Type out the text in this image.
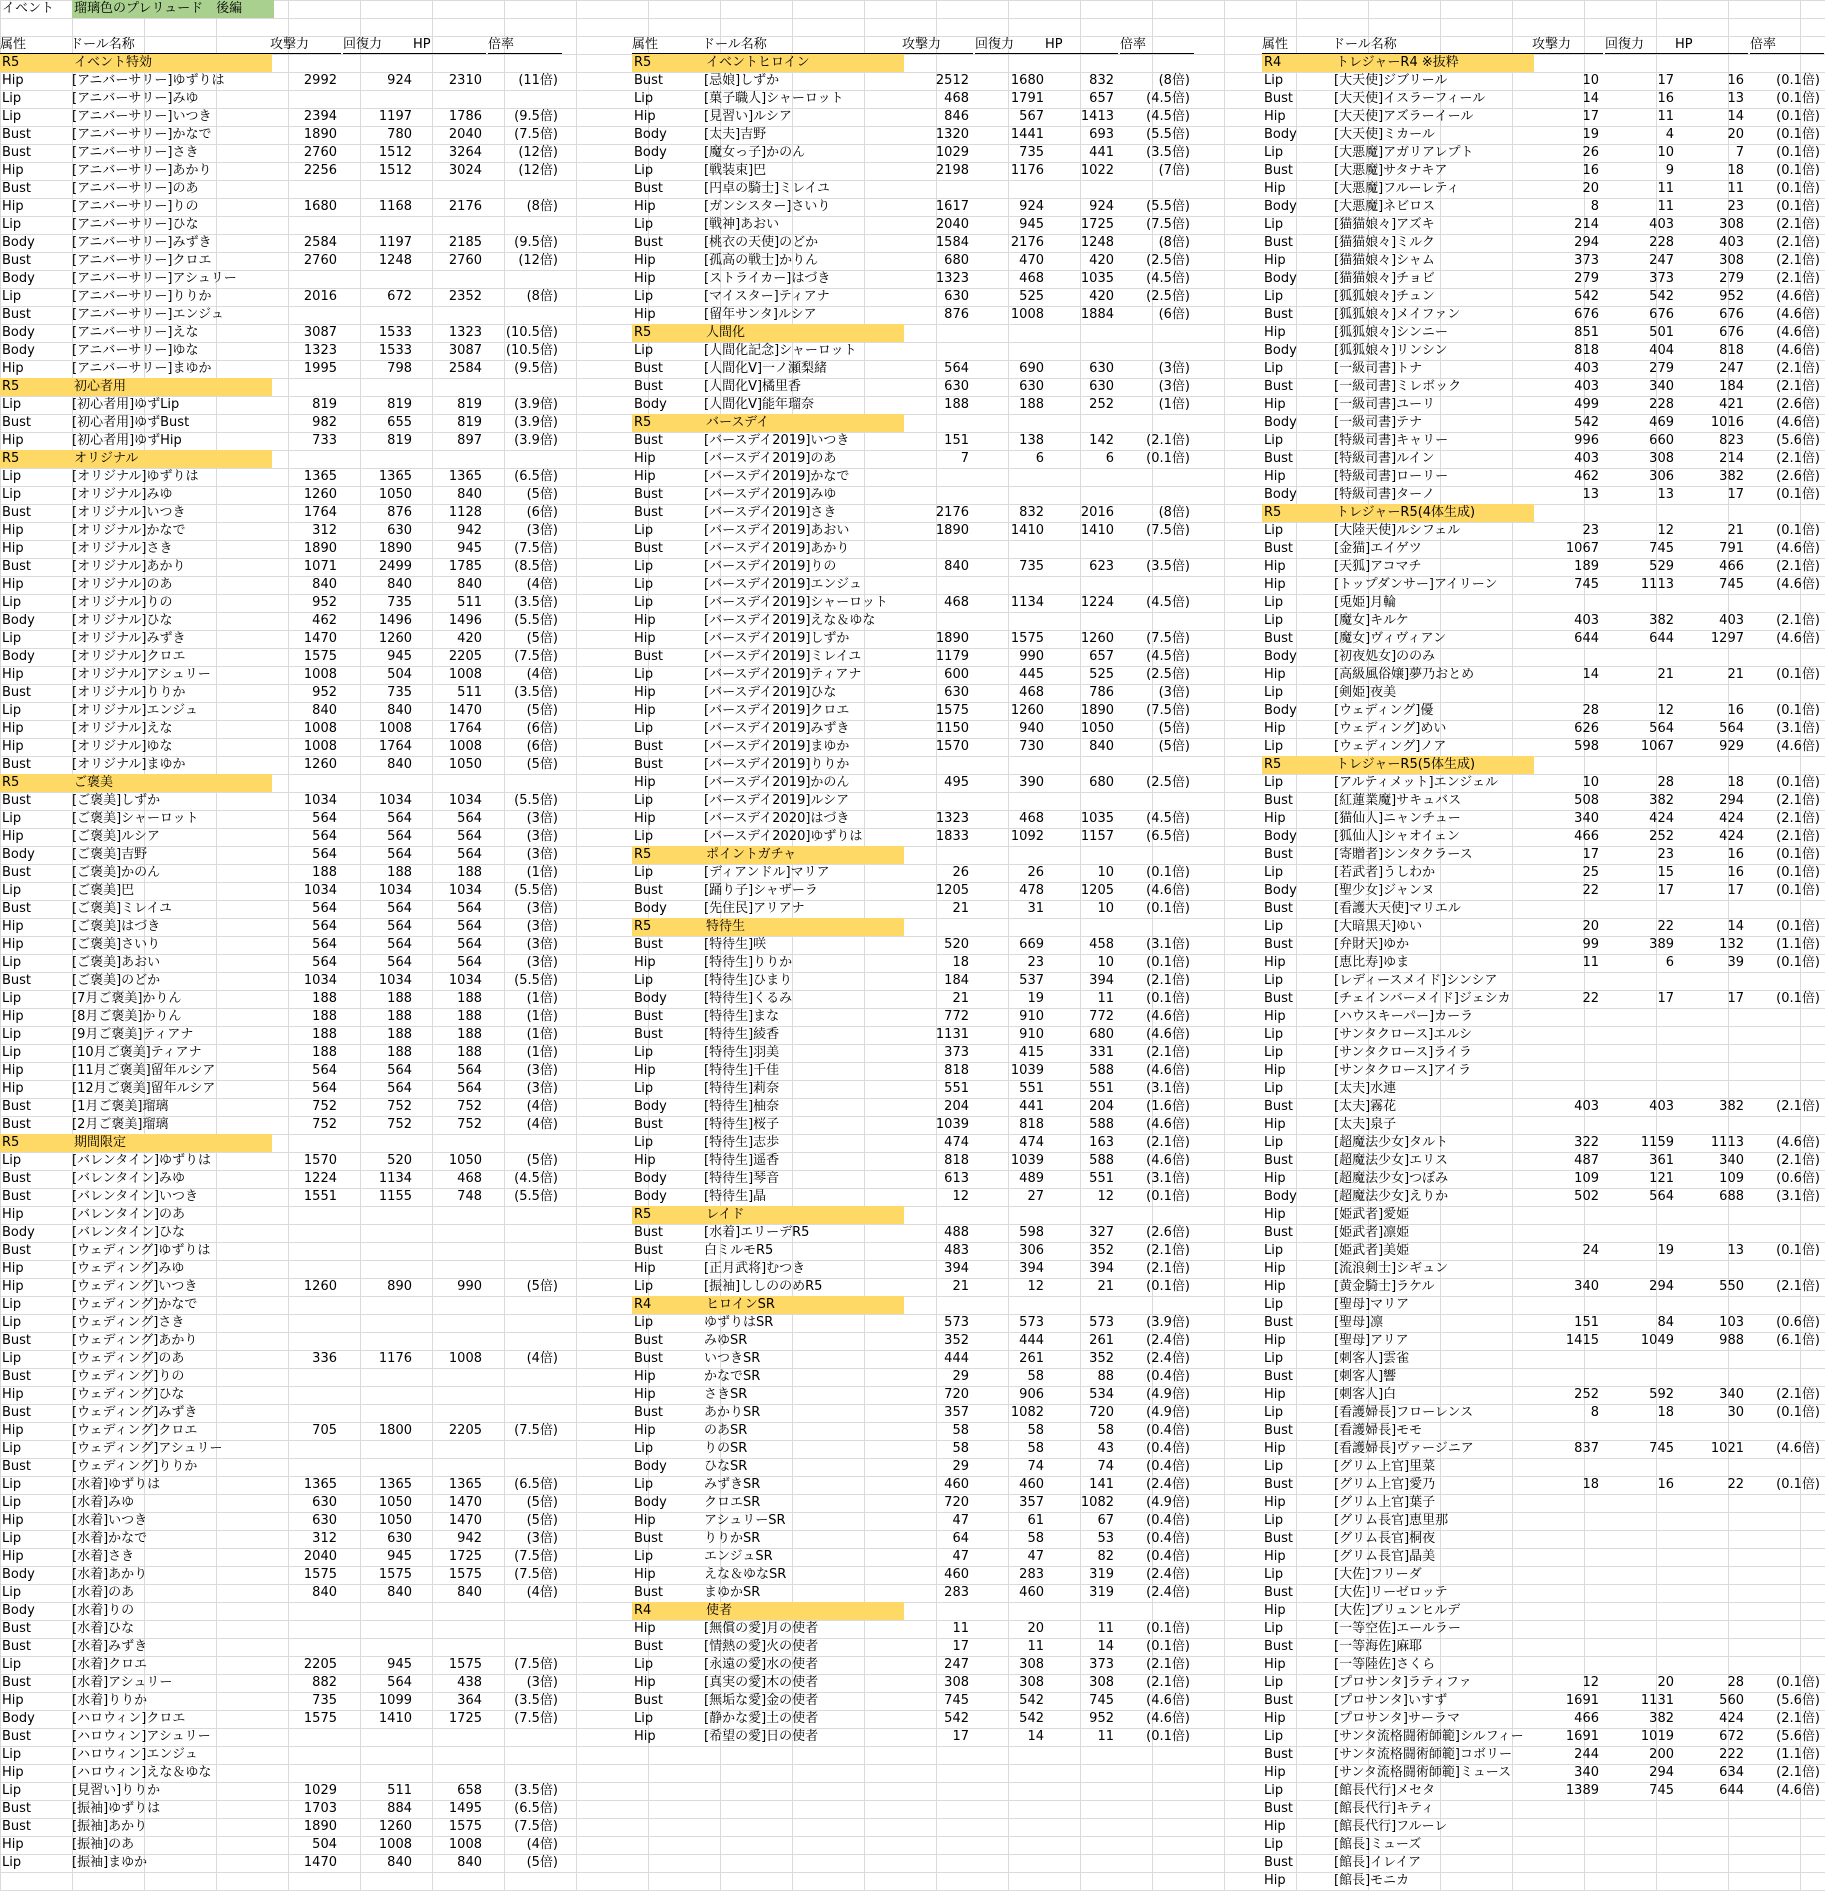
イベント	瑠璃色のプレリュード　後編
属性	ドール名称	攻撃力	回復力	HP	倍率
R5	イベント特効
Hip	[アニバーサリー]ゆずりは	2992	924	2310	(11倍)
Lip	[アニバーサリー]みゆ
Lip	[アニバーサリー]いつき	2394	1197	1786	(9.5倍)
Bust	[アニバーサリー]かなで	1890	780	2040	(7.5倍)
Bust	[アニバーサリー]さき	2760	1512	3264	(12倍)
Hip	[アニバーサリー]あかり	2256	1512	3024	(12倍)
Bust	[アニバーサリー]のあ
Hip	[アニバーサリー]りの	1680	1168	2176	(8倍)
Lip	[アニバーサリー]ひな
Body	[アニバーサリー]みずき	2584	1197	2185	(9.5倍)
Bust	[アニバーサリー]クロエ	2760	1248	2760	(12倍)
Body	[アニバーサリー]アシュリー
Lip	[アニバーサリー]りりか	2016	672	2352	(8倍)
Bust	[アニバーサリー]エンジュ
Body	[アニバーサリー]えな	3087	1533	1323	(10.5倍)
Body	[アニバーサリー]ゆな	1323	1533	3087	(10.5倍)
Hip	[アニバーサリー]まゆか	1995	798	2584	(9.5倍)
R5	初心者用
Lip	[初心者用]ゆずLip	819	819	819	(3.9倍)
Bust	[初心者用]ゆずBust	982	655	819	(3.9倍)
Hip	[初心者用]ゆずHip	733	819	897	(3.9倍)
R5	オリジナル
Lip	[オリジナル]ゆずりは	1365	1365	1365	(6.5倍)
Lip	[オリジナル]みゆ	1260	1050	840	(5倍)
Bust	[オリジナル]いつき	1764	876	1128	(6倍)
Hip	[オリジナル]かなで	312	630	942	(3倍)
Hip	[オリジナル]さき	1890	1890	945	(7.5倍)
Bust	[オリジナル]あかり	1071	2499	1785	(8.5倍)
Hip	[オリジナル]のあ	840	840	840	(4倍)
Lip	[オリジナル]りの	952	735	511	(3.5倍)
Body	[オリジナル]ひな	462	1496	1496	(5.5倍)
Lip	[オリジナル]みずき	1470	1260	420	(5倍)
Body	[オリジナル]クロエ	1575	945	2205	(7.5倍)
Hip	[オリジナル]アシュリー	1008	504	1008	(4倍)
Bust	[オリジナル]りりか	952	735	511	(3.5倍)
Lip	[オリジナル]エンジュ	840	840	1470	(5倍)
Hip	[オリジナル]えな	1008	1008	1764	(6倍)
Hip	[オリジナル]ゆな	1008	1764	1008	(6倍)
Bust	[オリジナル]まゆか	1260	840	1050	(5倍)
R5	ご褒美
Bust	[ご褒美]しずか	1034	1034	1034	(5.5倍)
Lip	[ご褒美]シャーロット	564	564	564	(3倍)
Hip	[ご褒美]ルシア	564	564	564	(3倍)
Body	[ご褒美]吉野	564	564	564	(3倍)
Bust	[ご褒美]かのん	188	188	188	(1倍)
Lip	[ご褒美]巴	1034	1034	1034	(5.5倍)
Bust	[ご褒美]ミレイユ	564	564	564	(3倍)
Hip	[ご褒美]はづき	564	564	564	(3倍)
Hip	[ご褒美]さいり	564	564	564	(3倍)
Lip	[ご褒美]あおい	564	564	564	(3倍)
Bust	[ご褒美]のどか	1034	1034	1034	(5.5倍)
Lip	[7月ご褒美]かりん	188	188	188	(1倍)
Hip	[8月ご褒美]かりん	188	188	188	(1倍)
Lip	[9月ご褒美]ティアナ	188	188	188	(1倍)
Lip	[10月ご褒美]ティアナ	188	188	188	(1倍)
Hip	[11月ご褒美]留年ルシア	564	564	564	(3倍)
Hip	[12月ご褒美]留年ルシア	564	564	564	(3倍)
Bust	[1月ご褒美]瑠璃	752	752	752	(4倍)
Bust	[2月ご褒美]瑠璃	752	752	752	(4倍)
R5	期間限定
Lip	[バレンタイン]ゆずりは	1570	520	1050	(5倍)
Bust	[バレンタイン]みゆ	1224	1134	468	(4.5倍)
Bust	[バレンタイン]いつき	1551	1155	748	(5.5倍)
Hip	[バレンタイン]のあ
Body	[バレンタイン]ひな
Bust	[ウェディング]ゆずりは
Hip	[ウェディング]みゆ
Hip	[ウェディング]いつき	1260	890	990	(5倍)
Lip	[ウェディング]かなで
Lip	[ウェディング]さき
Bust	[ウェディング]あかり
Lip	[ウェディング]のあ	336	1176	1008	(4倍)
Bust	[ウェディング]りの
Hip	[ウェディング]ひな
Bust	[ウェディング]みずき
Hip	[ウェディング]クロエ	705	1800	2205	(7.5倍)
Lip	[ウェディング]アシュリー
Bust	[ウェディング]りりか
Lip	[水着]ゆずりは	1365	1365	1365	(6.5倍)
Lip	[水着]みゆ	630	1050	1470	(5倍)
Hip	[水着]いつき	630	1050	1470	(5倍)
Lip	[水着]かなで	312	630	942	(3倍)
Hip	[水着]さき	2040	945	1725	(7.5倍)
Body	[水着]あかり	1575	1575	1575	(7.5倍)
Lip	[水着]のあ	840	840	840	(4倍)
Body	[水着]りの
Bust	[水着]ひな
Bust	[水着]みずき
Lip	[水着]クロエ	2205	945	1575	(7.5倍)
Bust	[水着]アシュリー	882	564	438	(3倍)
Hip	[水着]りりか	735	1099	364	(3.5倍)
Body	[ハロウィン]クロエ	1575	1410	1725	(7.5倍)
Bust	[ハロウィン]アシュリー
Lip	[ハロウィン]エンジュ
Hip	[ハロウィン]えな＆ゆな
Lip	[見習い]りりか	1029	511	658	(3.5倍)
Bust	[振袖]ゆずりは	1703	884	1495	(6.5倍)
Bust	[振袖]あかり	1890	1260	1575	(7.5倍)
Hip	[振袖]のあ	504	1008	1008	(4倍)
Lip	[振袖]まゆか	1470	840	840	(5倍)
属性	ドール名称	攻撃力	回復力	HP	倍率
R5	イベントヒロイン
Bust	[忌娘]しずか	2512	1680	832	(8倍)
Lip	[菓子職人]シャーロット	468	1791	657	(4.5倍)
Hip	[見習い]ルシア	846	567	1413	(4.5倍)
Body	[太夫]吉野	1320	1441	693	(5.5倍)
Body	[魔女っ子]かのん	1029	735	441	(3.5倍)
Lip	[戦装束]巴	2198	1176	1022	(7倍)
Bust	[円卓の騎士]ミレイユ
Hip	[ガンシスター]さいり	1617	924	924	(5.5倍)
Lip	[戦神]あおい	2040	945	1725	(7.5倍)
Bust	[桃衣の天使]のどか	1584	2176	1248	(8倍)
Hip	[孤高の戦士]かりん	680	470	420	(2.5倍)
Hip	[ストライカー]はづき	1323	468	1035	(4.5倍)
Lip	[マイスター]ティアナ	630	525	420	(2.5倍)
Hip	[留年サンタ]ルシア	876	1008	1884	(6倍)
R5	人間化
Lip	[人間化記念]シャーロット
Bust	[人間化V]一ノ瀬梨緒	564	690	630	(3倍)
Bust	[人間化V]橘里香	630	630	630	(3倍)
Body	[人間化V]能年瑠奈	188	188	252	(1倍)
R5	バースデイ
Bust	[バースデイ2019]いつき	151	138	142	(2.1倍)
Hip	[バースデイ2019]のあ	7	6	6	(0.1倍)
Hip	[バースデイ2019]かなで
Bust	[バースデイ2019]みゆ
Bust	[バースデイ2019]さき	2176	832	2016	(8倍)
Lip	[バースデイ2019]あおい	1890	1410	1410	(7.5倍)
Bust	[バースデイ2019]あかり
Lip	[バースデイ2019]りの	840	735	623	(3.5倍)
Lip	[バースデイ2019]エンジュ
Lip	[バースデイ2019]シャーロット	468	1134	1224	(4.5倍)
Hip	[バースデイ2019]えな＆ゆな
Hip	[バースデイ2019]しずか	1890	1575	1260	(7.5倍)
Bust	[バースデイ2019]ミレイユ	1179	990	657	(4.5倍)
Lip	[バースデイ2019]ティアナ	600	445	525	(2.5倍)
Hip	[バースデイ2019]ひな	630	468	786	(3倍)
Hip	[バースデイ2019]クロエ	1575	1260	1890	(7.5倍)
Lip	[バースデイ2019]みずき	1150	940	1050	(5倍)
Bust	[バースデイ2019]まゆか	1570	730	840	(5倍)
Bust	[バースデイ2019]りりか
Hip	[バースデイ2019]かのん	495	390	680	(2.5倍)
Lip	[バースデイ2019]ルシア
Hip	[バースデイ2020]はづき	1323	468	1035	(4.5倍)
Lip	[バースデイ2020]ゆずりは	1833	1092	1157	(6.5倍)
R5	ポイントガチャ
Lip	[ディアンドル]マリア	26	26	10	(0.1倍)
Bust	[踊り子]シャザーラ	1205	478	1205	(4.6倍)
Body	[先住民]アリアナ	21	31	10	(0.1倍)
R5	特待生
Bust	[特待生]咲	520	669	458	(3.1倍)
Hip	[特待生]りりか	18	23	10	(0.1倍)
Lip	[特待生]ひまり	184	537	394	(2.1倍)
Body	[特待生]くるみ	21	19	11	(0.1倍)
Bust	[特待生]まな	772	910	772	(4.6倍)
Bust	[特待生]綾香	1131	910	680	(4.6倍)
Lip	[特待生]羽美	373	415	331	(2.1倍)
Hip	[特待生]千佳	818	1039	588	(4.6倍)
Lip	[特待生]莉奈	551	551	551	(3.1倍)
Body	[特待生]柚奈	204	441	204	(1.6倍)
Bust	[特待生]桜子	1039	818	588	(4.6倍)
Lip	[特待生]志歩	474	474	163	(2.1倍)
Hip	[特待生]遥香	818	1039	588	(4.6倍)
Body	[特待生]琴音	613	489	551	(3.1倍)
Body	[特待生]晶	12	27	12	(0.1倍)
R5	レイド
Bust	[水着]エリーデR5	488	598	327	(2.6倍)
Bust	白ミルモR5	483	306	352	(2.1倍)
Hip	[正月武将]むつき	394	394	394	(2.1倍)
Lip	[振袖]ししののめR5	21	12	21	(0.1倍)
R4	ヒロインSR
Lip	ゆずりはSR	573	573	573	(3.9倍)
Bust	みゆSR	352	444	261	(2.4倍)
Bust	いつきSR	444	261	352	(2.4倍)
Hip	かなでSR	29	58	88	(0.4倍)
Hip	さきSR	720	906	534	(4.9倍)
Bust	あかりSR	357	1082	720	(4.9倍)
Hip	のあSR	58	58	58	(0.4倍)
Lip	りのSR	58	58	43	(0.4倍)
Body	ひなSR	29	74	74	(0.4倍)
Lip	みずきSR	460	460	141	(2.4倍)
Body	クロエSR	720	357	1082	(4.9倍)
Hip	アシュリーSR	47	61	67	(0.4倍)
Bust	りりかSR	64	58	53	(0.4倍)
Lip	エンジュSR	47	47	82	(0.4倍)
Hip	えな＆ゆなSR	460	283	319	(2.4倍)
Bust	まゆかSR	283	460	319	(2.4倍)
R4	使者
Hip	[無償の愛]月の使者	11	20	11	(0.1倍)
Bust	[情熱の愛]火の使者	17	11	14	(0.1倍)
Lip	[永遠の愛]水の使者	247	308	373	(2.1倍)
Hip	[真実の愛]木の使者	308	308	308	(2.1倍)
Bust	[無垢な愛]金の使者	745	542	745	(4.6倍)
Lip	[静かな愛]土の使者	542	542	952	(4.6倍)
Hip	[希望の愛]日の使者	17	14	11	(0.1倍)
属性	ドール名称	攻撃力	回復力	HP	倍率
R4	トレジャーR4 ※抜粋
Lip	[大天使]ジブリール	10	17	16	(0.1倍)
Bust	[大天使]イスラーフィール	14	16	13	(0.1倍)
Hip	[大天使]アズラーイール	17	11	14	(0.1倍)
Body	[大天使]ミカール	19	4	20	(0.1倍)
Lip	[大悪魔]アガリアレプト	26	10	7	(0.1倍)
Bust	[大悪魔]サタナキア	16	9	18	(0.1倍)
Hip	[大悪魔]フルーレティ	20	11	11	(0.1倍)
Body	[大悪魔]ネビロス	8	11	23	(0.1倍)
Lip	[猫猫娘々]アズキ	214	403	308	(2.1倍)
Bust	[猫猫娘々]ミルク	294	228	403	(2.1倍)
Hip	[猫猫娘々]シャム	373	247	308	(2.1倍)
Body	[猫猫娘々]チョビ	279	373	279	(2.1倍)
Lip	[狐狐娘々]チュン	542	542	952	(4.6倍)
Bust	[狐狐娘々]メイファン	676	676	676	(4.6倍)
Hip	[狐狐娘々]シンニー	851	501	676	(4.6倍)
Body	[狐狐娘々]リンシン	818	404	818	(4.6倍)
Lip	[一級司書]トナ	403	279	247	(2.1倍)
Bust	[一級司書]ミレボック	403	340	184	(2.1倍)
Hip	[一級司書]ユーリ	499	228	421	(2.6倍)
Body	[一級司書]テナ	542	469	1016	(4.6倍)
Lip	[特級司書]キャリー	996	660	823	(5.6倍)
Bust	[特級司書]ルイン	403	308	214	(2.1倍)
Hip	[特級司書]ローリー	462	306	382	(2.6倍)
Body	[特級司書]ターノ	13	13	17	(0.1倍)
R5	トレジャーR5(4体生成)
Lip	[大陸天使]ルシフェル	23	12	21	(0.1倍)
Bust	[金猫]エイゲツ	1067	745	791	(4.6倍)
Hip	[天狐]アコマチ	189	529	466	(2.1倍)
Hip	[トップダンサー]アイリーン	745	1113	745	(4.6倍)
Lip	[兎姫]月輪
Lip	[魔女]キルケ	403	382	403	(2.1倍)
Bust	[魔女]ヴィヴィアン	644	644	1297	(4.6倍)
Body	[初夜処女]ののみ
Hip	[高級風俗嬢]夢乃おとめ	14	21	21	(0.1倍)
Lip	[剣姫]夜美
Body	[ウェディング]優	28	12	16	(0.1倍)
Hip	[ウェディング]めい	626	564	564	(3.1倍)
Lip	[ウェディング]ノア	598	1067	929	(4.6倍)
R5	トレジャーR5(5体生成)
Lip	[アルティメット]エンジェル	10	28	18	(0.1倍)
Bust	[紅蓮業魔]サキュバス	508	382	294	(2.1倍)
Hip	[猫仙人]ニャンチュー	340	424	424	(2.1倍)
Body	[狐仙人]シャオイェン	466	252	424	(2.1倍)
Bust	[寄贈者]シンタクラース	17	23	16	(0.1倍)
Lip	[若武者]うしわか	25	15	16	(0.1倍)
Body	[聖少女]ジャンヌ	22	17	17	(0.1倍)
Bust	[看護大天使]マリエル
Lip	[大暗黒天]ゆい	20	22	14	(0.1倍)
Bust	[弁財天]ゆか	99	389	132	(1.1倍)
Hip	[恵比寿]ゆま	11	6	39	(0.1倍)
Lip	[レディースメイド]シンシア
Bust	[チェインバーメイド]ジェシカ	22	17	17	(0.1倍)
Hip	[ハウスキーパー]カーラ
Lip	[サンタクロース]エルシ
Lip	[サンタクロース]ライラ
Hip	[サンタクロース]アイラ
Lip	[太夫]水連
Bust	[太夫]霧花	403	403	382	(2.1倍)
Hip	[太夫]泉子
Lip	[超魔法少女]タルト	322	1159	1113	(4.6倍)
Bust	[超魔法少女]エリス	487	361	340	(2.1倍)
Hip	[超魔法少女]つぼみ	109	121	109	(0.6倍)
Body	[超魔法少女]えりか	502	564	688	(3.1倍)
Hip	[姫武者]愛姫
Bust	[姫武者]凛姫
Lip	[姫武者]美姫	24	19	13	(0.1倍)
Hip	[流浪剣士]シギュン
Hip	[黄金騎士]ラケル	340	294	550	(2.1倍)
Lip	[聖母]マリア
Bust	[聖母]凛	151	84	103	(0.6倍)
Hip	[聖母]アリア	1415	1049	988	(6.1倍)
Lip	[刺客人]雲雀
Bust	[刺客人]響
Hip	[刺客人]白	252	592	340	(2.1倍)
Lip	[看護婦長]フローレンス	8	18	30	(0.1倍)
Bust	[看護婦長]モモ
Hip	[看護婦長]ヴァージニア	837	745	1021	(4.6倍)
Lip	[グリム上官]里菜
Bust	[グリム上官]愛乃	18	16	22	(0.1倍)
Hip	[グリム上官]葉子
Lip	[グリム長官]恵里那
Bust	[グリム長官]桐夜
Hip	[グリム長官]晶美
Lip	[大佐]フリーダ
Bust	[大佐]リーゼロッテ
Hip	[大佐]ブリュンヒルデ
Lip	[一等空佐]エールラー
Bust	[一等海佐]麻耶
Hip	[一等陸佐]さくら
Lip	[プロサンタ]ラティファ	12	20	28	(0.1倍)
Bust	[プロサンタ]いすず	1691	1131	560	(5.6倍)
Hip	[プロサンタ]サーラマ	466	382	424	(2.1倍)
Lip	[サンタ流格闘術師範]シルフィー	1691	1019	672	(5.6倍)
Bust	[サンタ流格闘術師範]コボリー	244	200	222	(1.1倍)
Hip	[サンタ流格闘術師範]ミュース	340	294	634	(2.1倍)
Lip	[館長代行]メセタ	1389	745	644	(4.6倍)
Bust	[館長代行]キティ
Hip	[館長代行]フルーレ
Lip	[館長]ミューズ
Bust	[館長]イレイア
Hip	[館長]モニカ
